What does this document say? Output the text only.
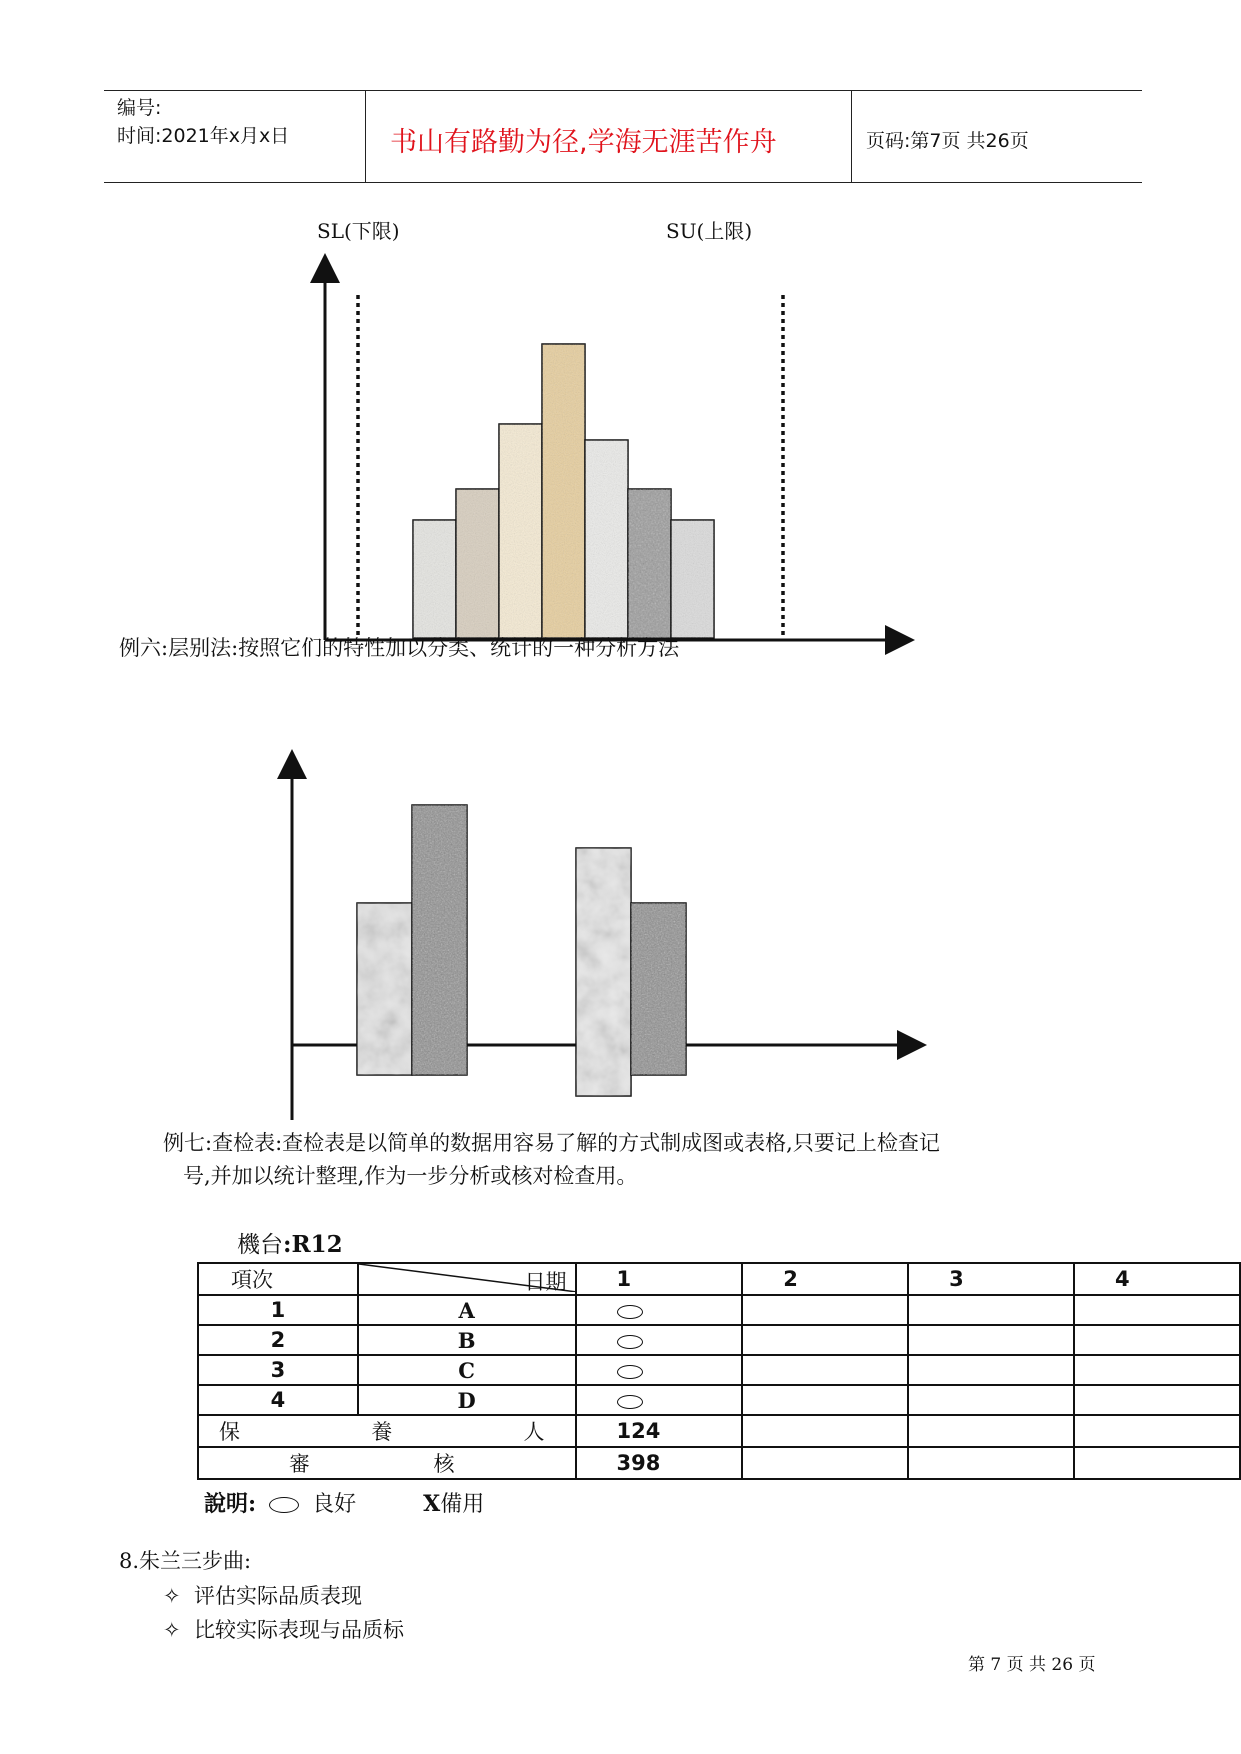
编号:
时间:2021年x月x日	书山有路勤为径,学海无涯苦作舟	页码:第7页 共26页
SL(下限)	SU(上限)
例六:层别法:按照它们的特性加以分类、统计的一种分析方法
例七:查检表:查检表是以简单的数据用容易了解的方式制成图或表格,只要记上检查记
号,并加以统计整理,作为一步分析或核对检查用。
機台:R12
項次	日期	1	2	3	4
1	A				
2	B				
3	C				
4	D				

保 養 人		124			

審 核		398			
說明:	良好	X備用
8.朱兰三步曲:
✧ 评估实际品质表现
✧ 比较实际表现与品质标
第 7 页 共 26 页
